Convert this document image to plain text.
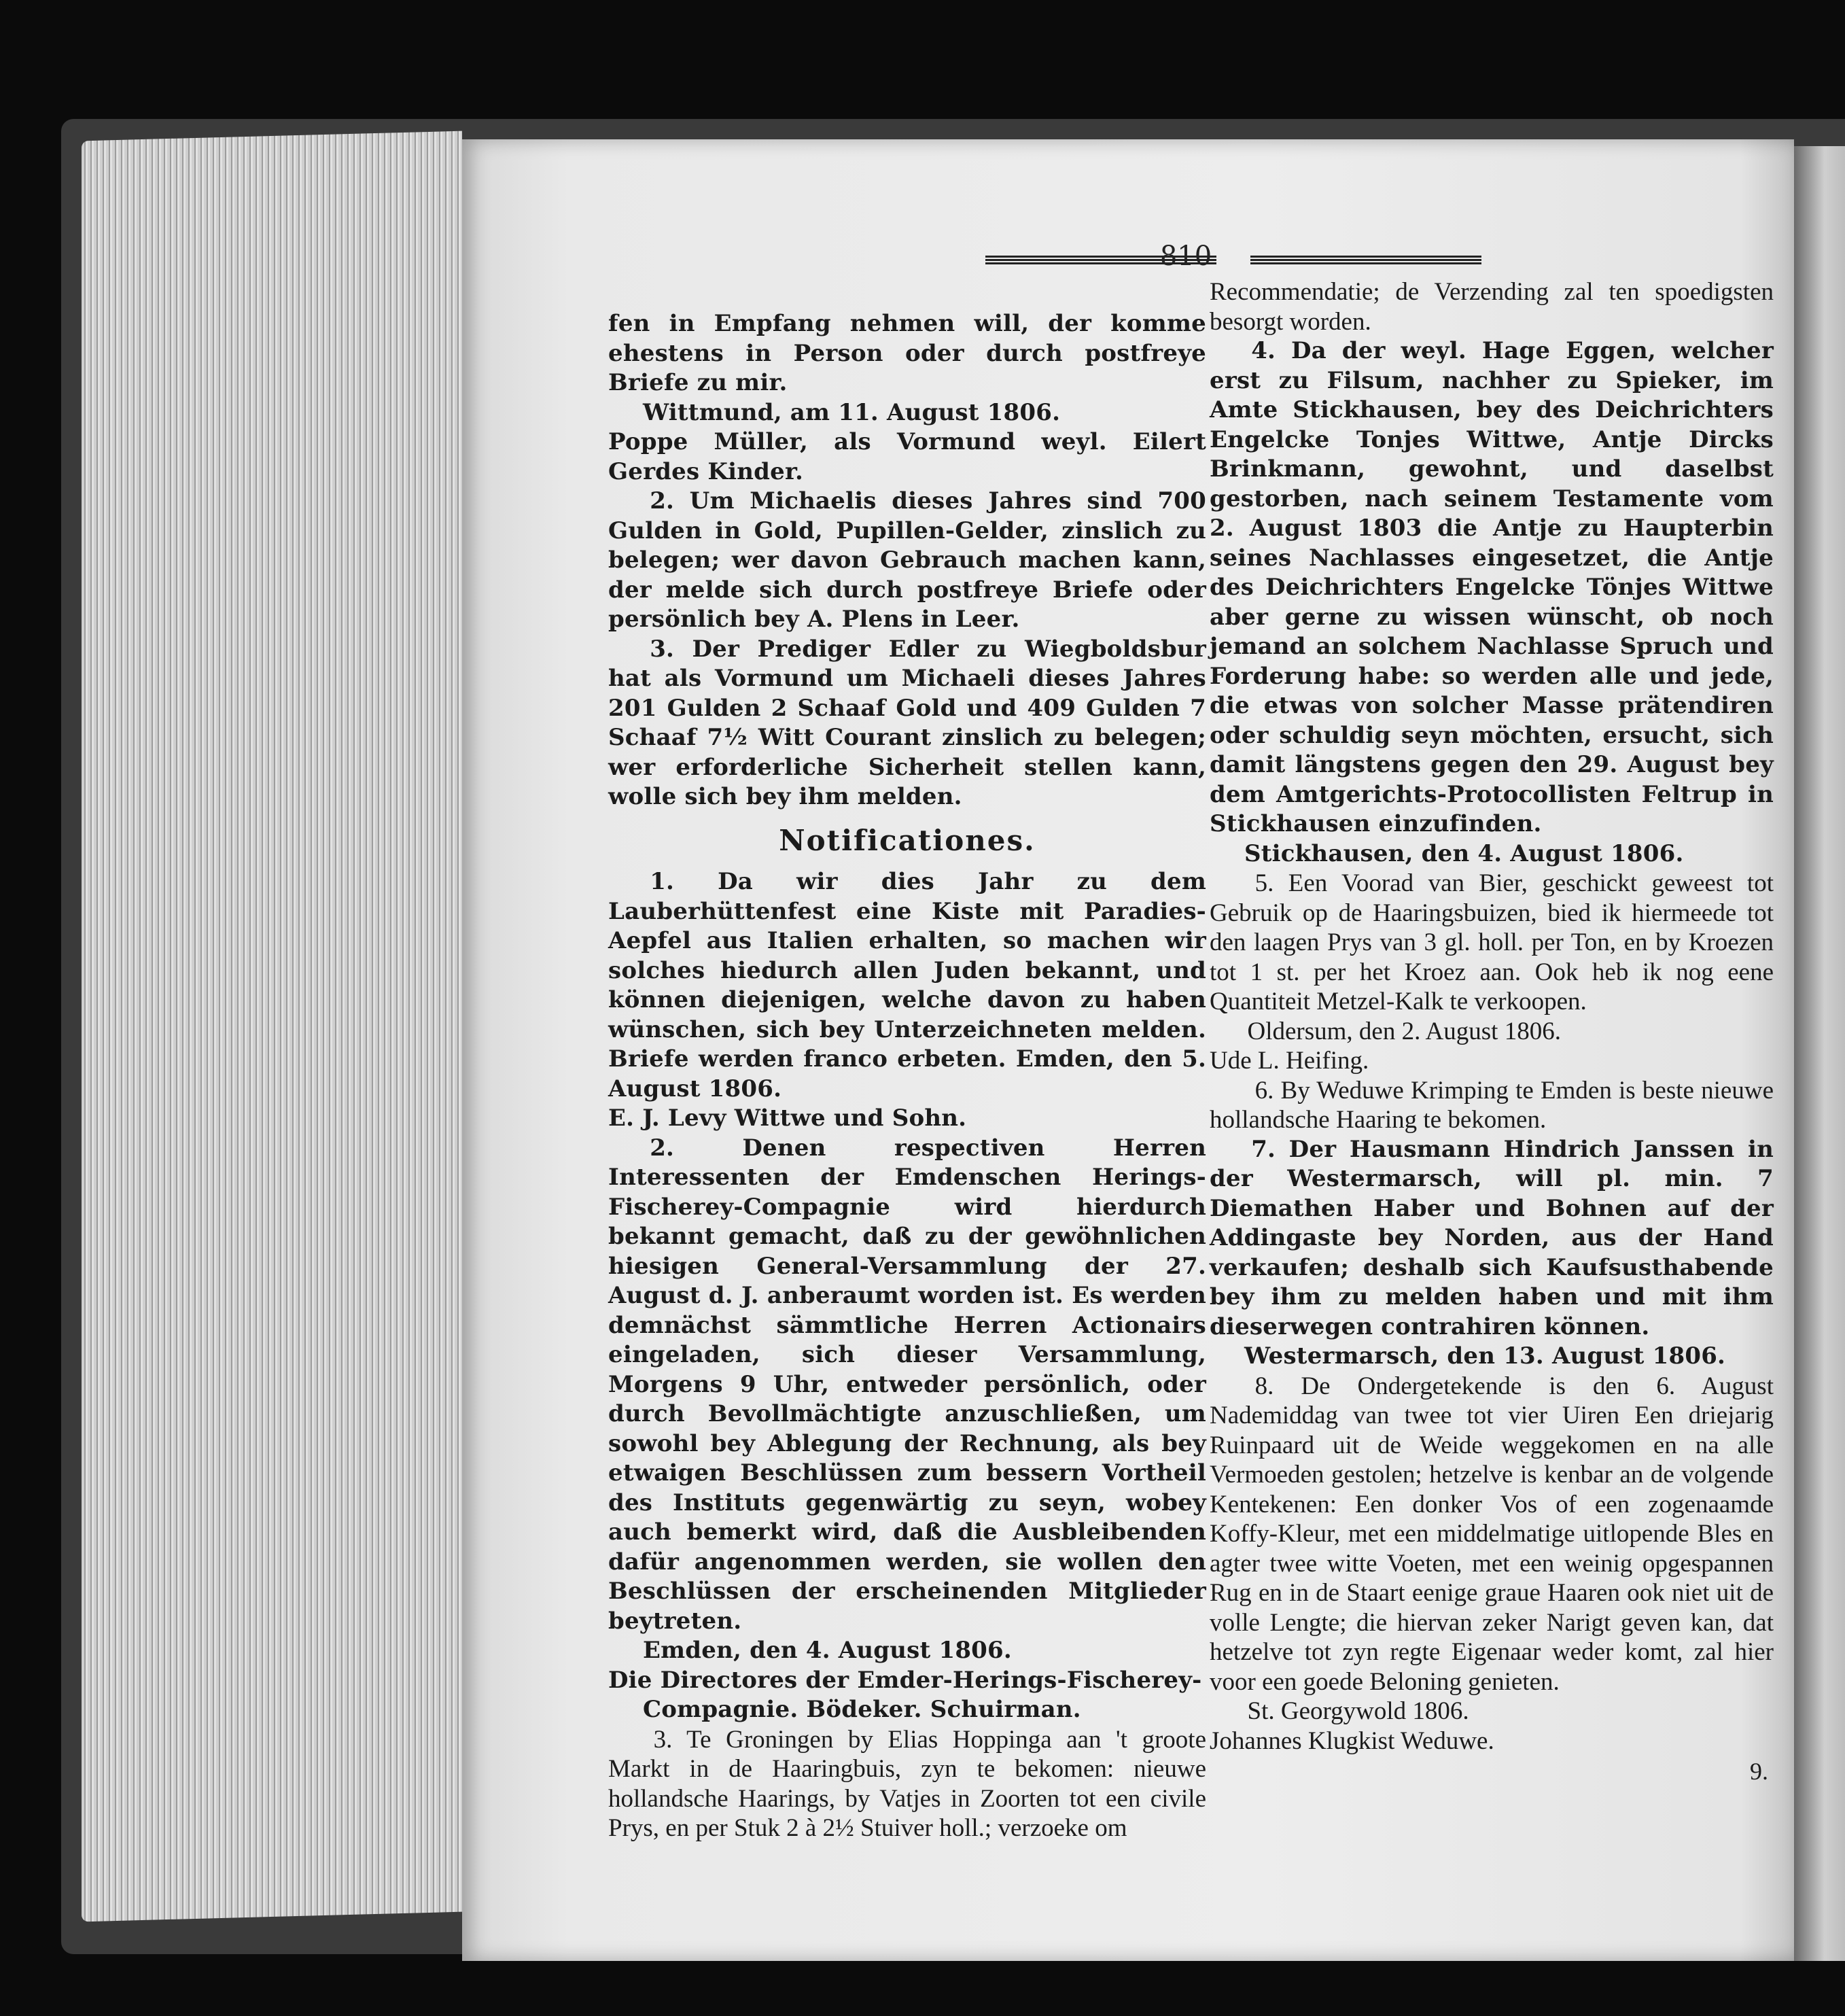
810

fen in Empfang nehmen will, der komme ehestens in Person oder durch postfreye Briefe zu mir.

Wittmund, am 11. August 1806.

Poppe Müller, als Vormund weyl. Eilert Gerdes Kinder.

2. Um Michaelis dieses Jahres sind 700 Gulden in Gold, Pupillen-Gelder, zinslich zu belegen; wer davon Gebrauch machen kann, der melde sich durch postfreye Briefe oder persönlich bey A. Plens in Leer.

3. Der Prediger Edler zu Wiegboldsbur hat als Vormund um Michaeli dieses Jahres 201 Gulden 2 Schaaf Gold und 409 Gulden 7 Schaaf 7½ Witt Courant zinslich zu belegen; wer erforderliche Sicherheit stellen kann, wolle sich bey ihm melden.

Notificationes.

1. Da wir dies Jahr zu dem Lauberhüttenfest eine Kiste mit Paradies-Aepfel aus Italien erhalten, so machen wir solches hiedurch allen Juden bekannt, und können diejenigen, welche davon zu haben wünschen, sich bey Unterzeichneten melden. Briefe werden franco erbeten. Emden, den 5. August 1806.

E. J. Levy Wittwe und Sohn.

2. Denen respectiven Herren Interessenten der Emdenschen Herings-Fischerey-Compagnie wird hierdurch bekannt gemacht, daß zu der gewöhnlichen hiesigen General-Versammlung der 27. August d. J. anberaumt worden ist. Es werden demnächst sämmtliche Herren Actionairs eingeladen, sich dieser Versammlung, Morgens 9 Uhr, entweder persönlich, oder durch Bevollmächtigte anzuschließen, um sowohl bey Ablegung der Rechnung, als bey etwaigen Beschlüssen zum bessern Vortheil des Instituts gegenwärtig zu seyn, wobey auch bemerkt wird, daß die Ausbleibenden dafür angenommen werden, sie wollen den Beschlüssen der erscheinenden Mitglieder beytreten.

Emden, den 4. August 1806.

Die Directores der Emder-Herings-Fischerey-

Compagnie. Bödeker. Schuirman.

3. Te Groningen by Elias Hoppinga aan 't groote Markt in de Haaringbuis, zyn te bekomen: nieuwe hollandsche Haarings, by Vatjes in Zoorten tot een civile Prys, en per Stuk 2 à 2½ Stuiver holl.; verzoeke om

Recommendatie; de Verzending zal ten spoedigsten besorgt worden.

4. Da der weyl. Hage Eggen, welcher erst zu Filsum, nachher zu Spieker, im Amte Stickhausen, bey des Deichrichters Engelcke Tonjes Wittwe, Antje Dircks Brinkmann, gewohnt, und daselbst gestorben, nach seinem Testamente vom 2. August 1803 die Antje zu Haupterbin seines Nachlasses eingesetzet, die Antje des Deichrichters Engelcke Tönjes Wittwe aber gerne zu wissen wünscht, ob noch jemand an solchem Nachlasse Spruch und Forderung habe: so werden alle und jede, die etwas von solcher Masse prätendiren oder schuldig seyn möchten, ersucht, sich damit längstens gegen den 29. August bey dem Amtgerichts-Protocollisten Feltrup in Stickhausen einzufinden.

Stickhausen, den 4. August 1806.

5. Een Voorad van Bier, geschickt geweest tot Gebruik op de Haaringsbuizen, bied ik hiermeede tot den laagen Prys van 3 gl. holl. per Ton, en by Kroezen tot 1 st. per het Kroez aan. Ook heb ik nog eene Quantiteit Metzel-Kalk te verkoopen.

Oldersum, den 2. August 1806.

Ude L. Heifing.

6. By Weduwe Krimping te Emden is beste nieuwe hollandsche Haaring te bekomen.

7. Der Hausmann Hindrich Janssen in der Westermarsch, will pl. min. 7 Diemathen Haber und Bohnen auf der Addingaste bey Norden, aus der Hand verkaufen; deshalb sich Kaufsusthabende bey ihm zu melden haben und mit ihm dieserwegen contrahiren können.

Westermarsch, den 13. August 1806.

8. De Ondergetekende is den 6. August Nademiddag van twee tot vier Uiren Een driejarig Ruinpaard uit de Weide weggekomen en na alle Vermoeden gestolen; hetzelve is kenbar an de volgende Kentekenen: Een donker Vos of een zogenaamde Koffy-Kleur, met een middelmatige uitlopende Bles en agter twee witte Voeten, met een weinig opgespannen Rug en in de Staart eenige graue Haaren ook niet uit de volle Lengte; die hiervan zeker Narigt geven kan, dat hetzelve tot zyn regte Eigenaar weder komt, zal hier voor een goede Beloning genieten.

St. Georgywold 1806.

Johannes Klugkist Weduwe.

9.
